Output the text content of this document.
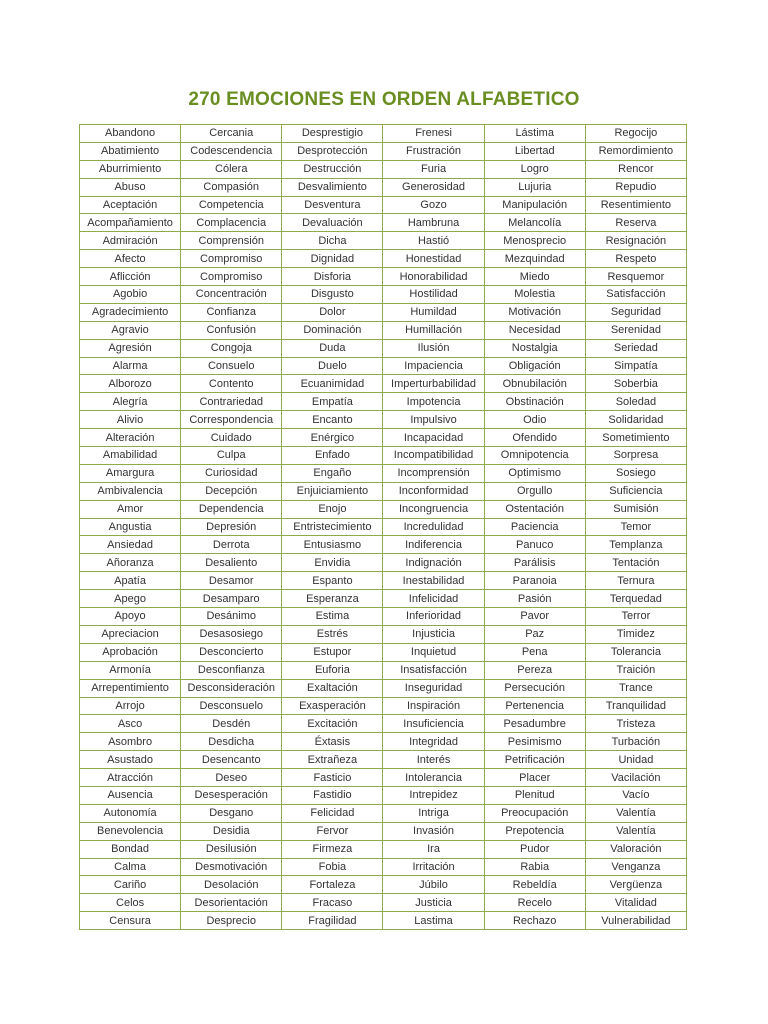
270 EMOCIONES EN ORDEN ALFABETICO
Abandono	Cercania	Desprestigio	Frenesi	Lástima	Regocijo
Abatimiento	Codescendencia	Desprotección	Frustración	Libertad	Remordimiento
Aburrimiento	Cólera	Destrucción	Furia	Logro	Rencor
Abuso	Compasión	Desvalimiento	Generosidad	Lujuria	Repudio
Aceptación	Competencia	Desventura	Gozo	Manipulación	Resentimiento
Acompañamiento	Complacencia	Devaluación	Hambruna	Melancolía	Reserva
Admiración	Comprensión	Dicha	Hastió	Menosprecio	Resignación
Afecto	Compromiso	Dignidad	Honestidad	Mezquindad	Respeto
Aflicción	Compromiso	Disforia	Honorabilidad	Miedo	Resquemor
Agobio	Concentración	Disgusto	Hostilidad	Molestia	Satisfacción
Agradecimiento	Confianza	Dolor	Humildad	Motivación	Seguridad
Agravio	Confusión	Dominación	Humillación	Necesidad	Serenidad
Agresión	Congoja	Duda	Ilusión	Nostalgia	Seriedad
Alarma	Consuelo	Duelo	Impaciencia	Obligación	Simpatía
Alborozo	Contento	Ecuanimidad	Imperturbabilidad	Obnubilación	Soberbia
Alegría	Contrariedad	Empatía	Impotencia	Obstinación	Soledad
Alivio	Correspondencia	Encanto	Impulsivo	Odio	Solidaridad
Alteración	Cuidado	Enérgico	Incapacidad	Ofendido	Sometimiento
Amabilidad	Culpa	Enfado	Incompatibilidad	Omnipotencia	Sorpresa
Amargura	Curiosidad	Engaño	Incomprensión	Optimismo	Sosiego
Ambivalencia	Decepción	Enjuiciamiento	Inconformidad	Orgullo	Suficiencia
Amor	Dependencia	Enojo	Incongruencia	Ostentación	Sumisión
Angustia	Depresión	Entristecimiento	Incredulidad	Paciencia	Temor
Ansiedad	Derrota	Entusiasmo	Indiferencia	Panuco	Templanza
Añoranza	Desaliento	Envidia	Indignación	Parálisis	Tentación
Apatía	Desamor	Espanto	Inestabilidad	Paranoia	Ternura
Apego	Desamparo	Esperanza	Infelicidad	Pasión	Terquedad
Apoyo	Desánimo	Estima	Inferioridad	Pavor	Terror
Apreciacion	Desasosiego	Estrés	Injusticia	Paz	Timidez
Aprobación	Desconcierto	Estupor	Inquietud	Pena	Tolerancia
Armonía	Desconfianza	Euforia	Insatisfacción	Pereza	Traición
Arrepentimiento	Desconsideración	Exaltación	Inseguridad	Persecución	Trance
Arrojo	Desconsuelo	Exasperación	Inspiración	Pertenencia	Tranquilidad
Asco	Desdén	Excitación	Insuficiencia	Pesadumbre	Tristeza
Asombro	Desdicha	Éxtasis	Integridad	Pesimismo	Turbación
Asustado	Desencanto	Extrañeza	Interés	Petrificación	Unidad
Atracción	Deseo	Fasticio	Intolerancia	Placer	Vacilación
Ausencia	Desesperación	Fastidio	Intrepidez	Plenitud	Vacío
Autonomía	Desgano	Felicidad	Intriga	Preocupación	Valentía
Benevolencia	Desidia	Fervor	Invasión	Prepotencia	Valentía
Bondad	Desilusión	Firmeza	Ira	Pudor	Valoración
Calma	Desmotivación	Fobia	Irritación	Rabia	Venganza
Cariño	Desolación	Fortaleza	Júbilo	Rebeldía	Vergüenza
Celos	Desorientación	Fracaso	Justicia	Recelo	Vitalidad
Censura	Desprecio	Fragilidad	Lastima	Rechazo	Vulnerabilidad
